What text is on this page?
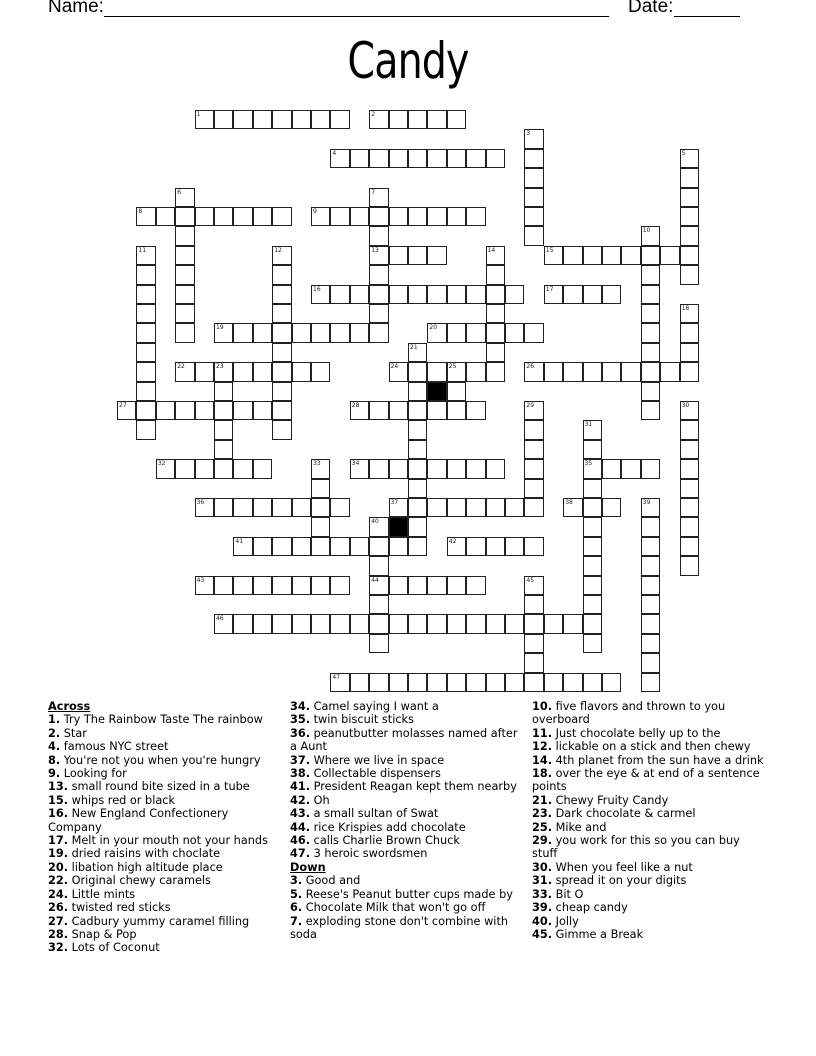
Name:	Date:
Candy
1	2
4
8	9
13	15
16	17
19	20
22	23	24	25	26
27	28
32	34	35
36	37	38
41	42
43	44
46
47
3
5
6	7
10
11	12	14
18
21
29	30
31
33
39
40
45
Across
1. Try The Rainbow Taste The rainbow
2. Star
4. famous NYC street
8. You're not you when you're hungry
9. Looking for
13. small round bite sized in a tube
15. whips red or black
16. New England Confectionery Company
17. Melt in your mouth not your hands
19. dried raisins with choclate
20. libation high altitude place
22. Original chewy caramels
24. Little mints
26. twisted red sticks
27. Cadbury yummy caramel filling
28. Snap & Pop
32. Lots of Coconut
34. Camel saying I want a
35. twin biscuit sticks
36. peanutbutter molasses named after a Aunt
37. Where we live in space
38. Collectable dispensers
41. President Reagan kept them nearby
42. Oh
43. a small sultan of Swat
44. rice Krispies add chocolate
46. calls Charlie Brown Chuck
47. 3 heroic swordsmen
Down
3. Good and
5. Reese's Peanut butter cups made by
6. Chocolate Milk that won't go off
7. exploding stone don't combine with soda
10. five flavors and thrown to you overboard
11. Just chocolate belly up to the
12. lickable on a stick and then chewy
14. 4th planet from the sun have a drink
18. over the eye & at end of a sentence points
21. Chewy Fruity Candy
23. Dark chocolate & carmel
25. Mike and
29. you work for this so you can buy stuff
30. When you feel like a nut
31. spread it on your digits
33. Bit O
39. cheap candy
40. Jolly
45. Gimme a Break
